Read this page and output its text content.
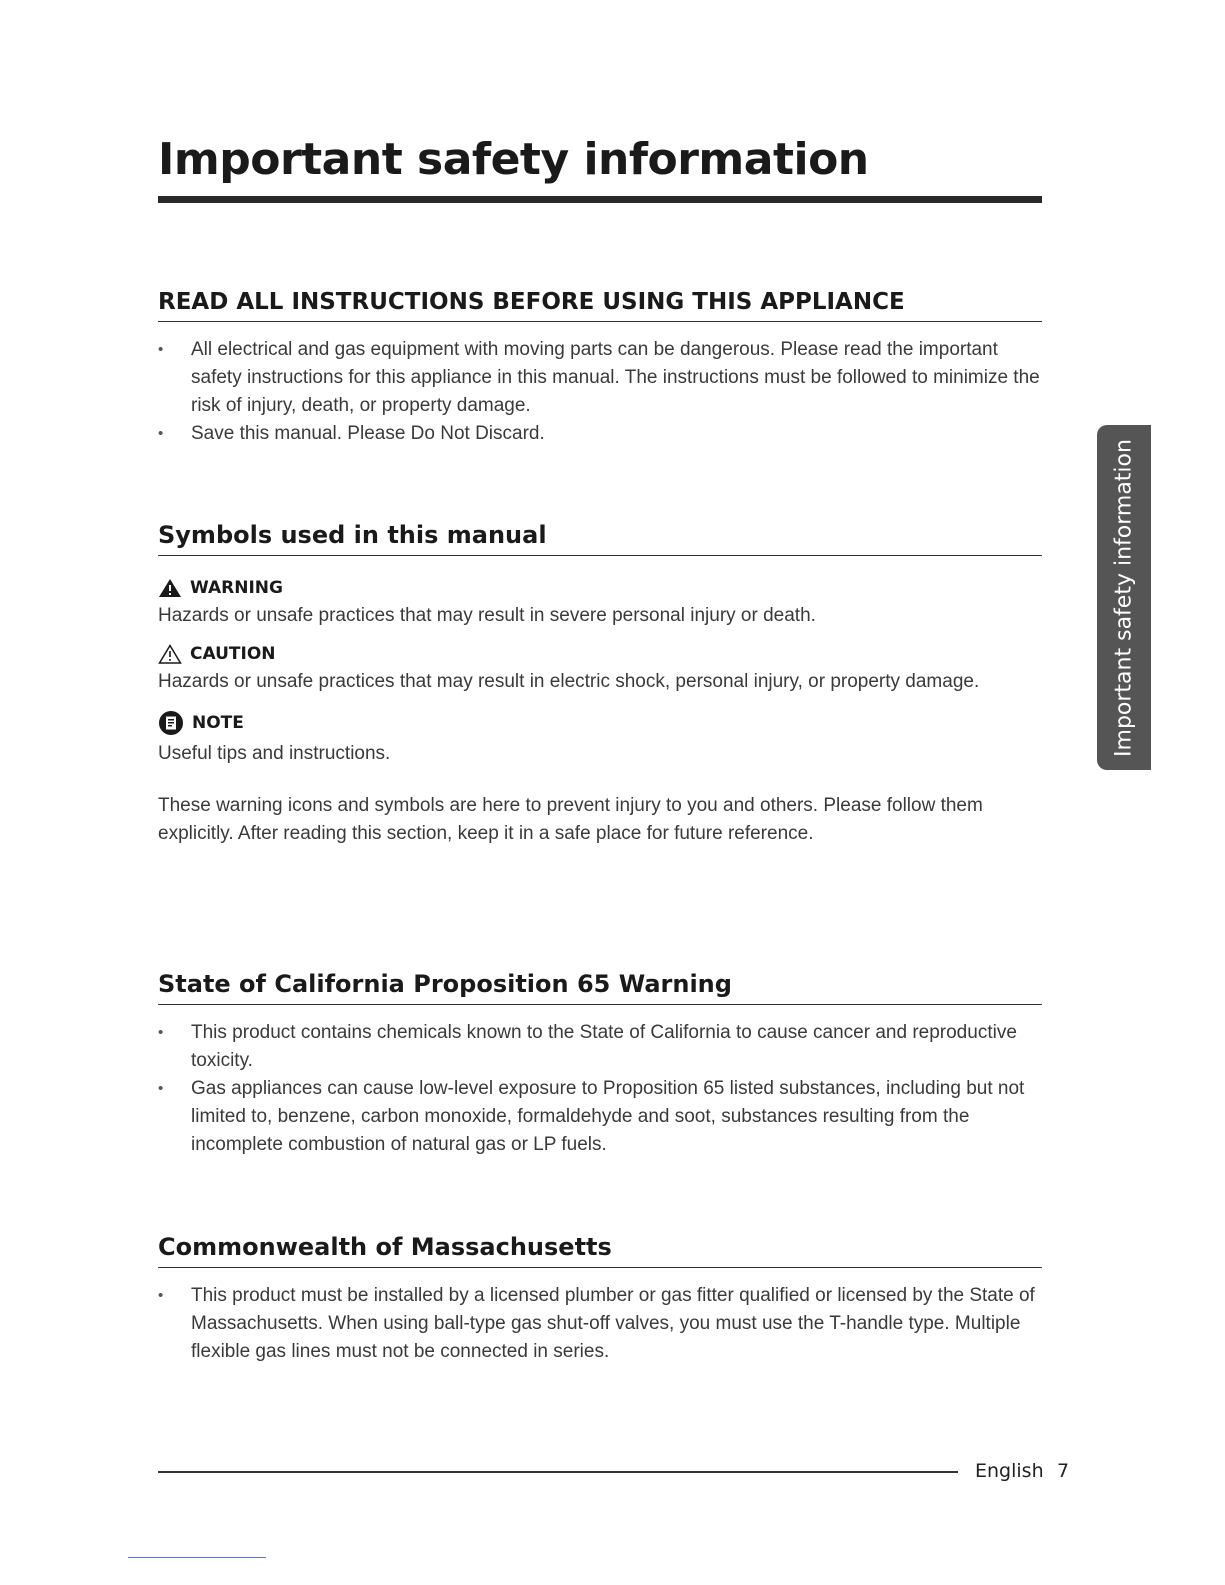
Important safety information
READ ALL INSTRUCTIONS BEFORE USING THIS APPLIANCE
• All electrical and gas equipment with moving parts can be dangerous. Please read the important safety instructions for this appliance in this manual. The instructions must be followed to minimize the risk of injury, death, or property damage.
• Save this manual. Please Do Not Discard.
Symbols used in this manual
WARNING

Hazards or unsafe practices that may result in severe personal injury or death.

CAUTION

Hazards or unsafe practices that may result in electric shock, personal injury, or property damage.

NOTE

Useful tips and instructions.

These warning icons and symbols are here to prevent injury to you and others. Please follow them explicitly. After reading this section, keep it in a safe place for future reference.

State of California Proposition 65 Warning
• This product contains chemicals known to the State of California to cause cancer and reproductive toxicity.
• Gas appliances can cause low-level exposure to Proposition 65 listed substances, including but not limited to, benzene, carbon monoxide, formaldehyde and soot, substances resulting from the incomplete combustion of natural gas or LP fuels.
Commonwealth of Massachusetts
• This product must be installed by a licensed plumber or gas fitter qualified or licensed by the State of Massachusetts. When using ball-type gas shut-off valves, you must use the T-handle type. Multiple flexible gas lines must not be connected in series.
Important safety information
English 7
